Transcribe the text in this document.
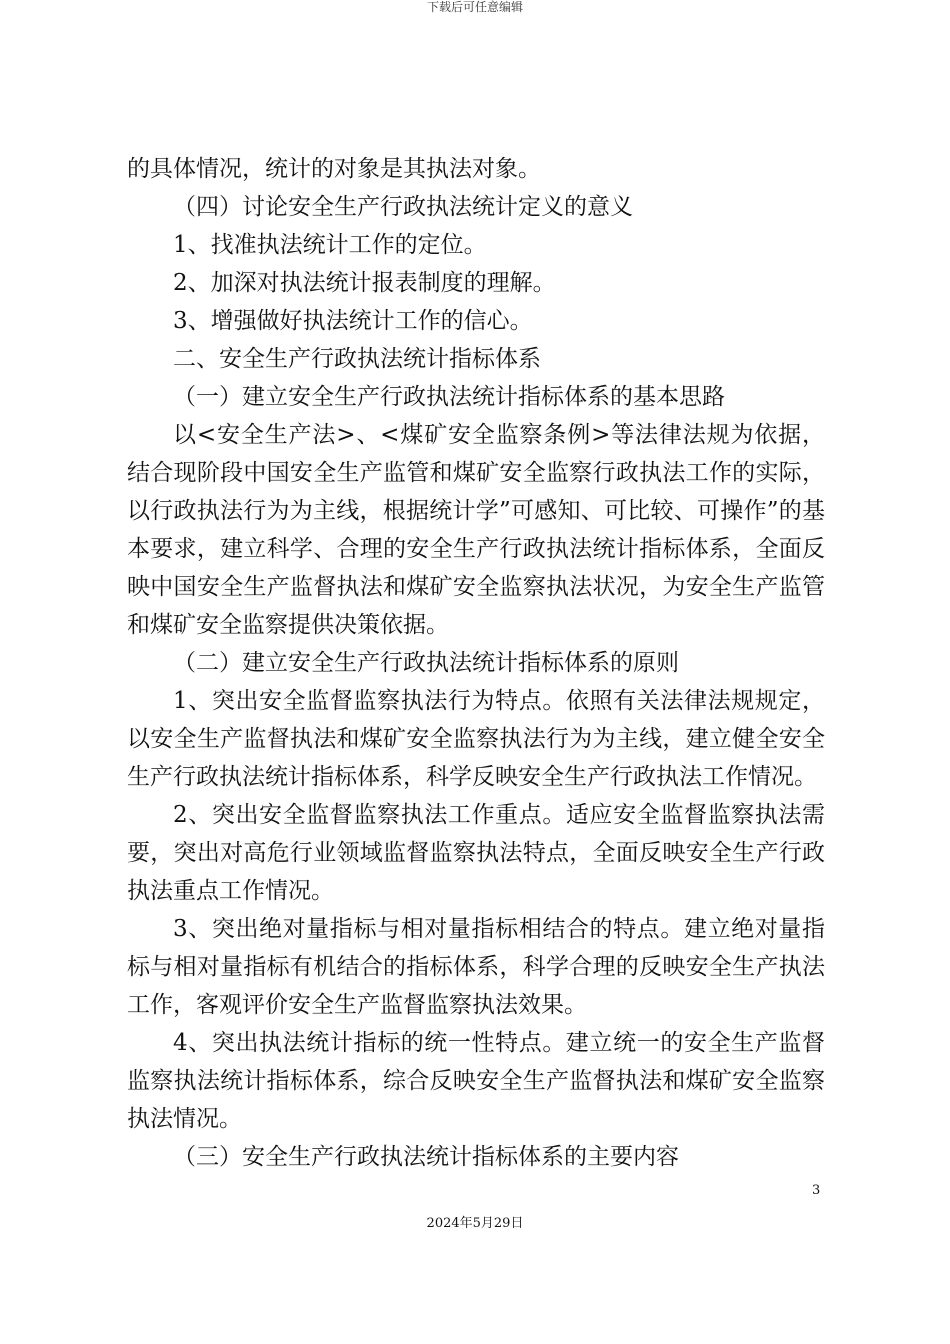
下载后可任意编辑

的具体情况，统计的对象是其执法对象。

（四）讨论安全生产行政执法统计定义的意义

1、找准执法统计工作的定位。

2、加深对执法统计报表制度的理解。

3、增强做好执法统计工作的信心。

二、安全生产行政执法统计指标体系

（一）建立安全生产行政执法统计指标体系的基本思路

以<安全生产法>、<煤矿安全监察条例>等法律法规为依据，结合现阶段中国安全生产监管和煤矿安全监察行政执法工作的实际，以行政执法行为为主线，根据统计学”可感知、可比较、可操作”的基本要求，建立科学、合理的安全生产行政执法统计指标体系，全面反映中国安全生产监督执法和煤矿安全监察执法状况，为安全生产监管和煤矿安全监察提供决策依据。

（二）建立安全生产行政执法统计指标体系的原则

1、突出安全监督监察执法行为特点。依照有关法律法规规定，以安全生产监督执法和煤矿安全监察执法行为为主线，建立健全安全生产行政执法统计指标体系，科学反映安全生产行政执法工作情况。

2、突出安全监督监察执法工作重点。适应安全监督监察执法需要，突出对高危行业领域监督监察执法特点，全面反映安全生产行政执法重点工作情况。

3、突出绝对量指标与相对量指标相结合的特点。建立绝对量指标与相对量指标有机结合的指标体系，科学合理的反映安全生产执法工作，客观评价安全生产监督监察执法效果。

4、突出执法统计指标的统一性特点。建立统一的安全生产监督监察执法统计指标体系，综合反映安全生产监督执法和煤矿安全监察执法情况。

（三）安全生产行政执法统计指标体系的主要内容

3
2024年5月29日
